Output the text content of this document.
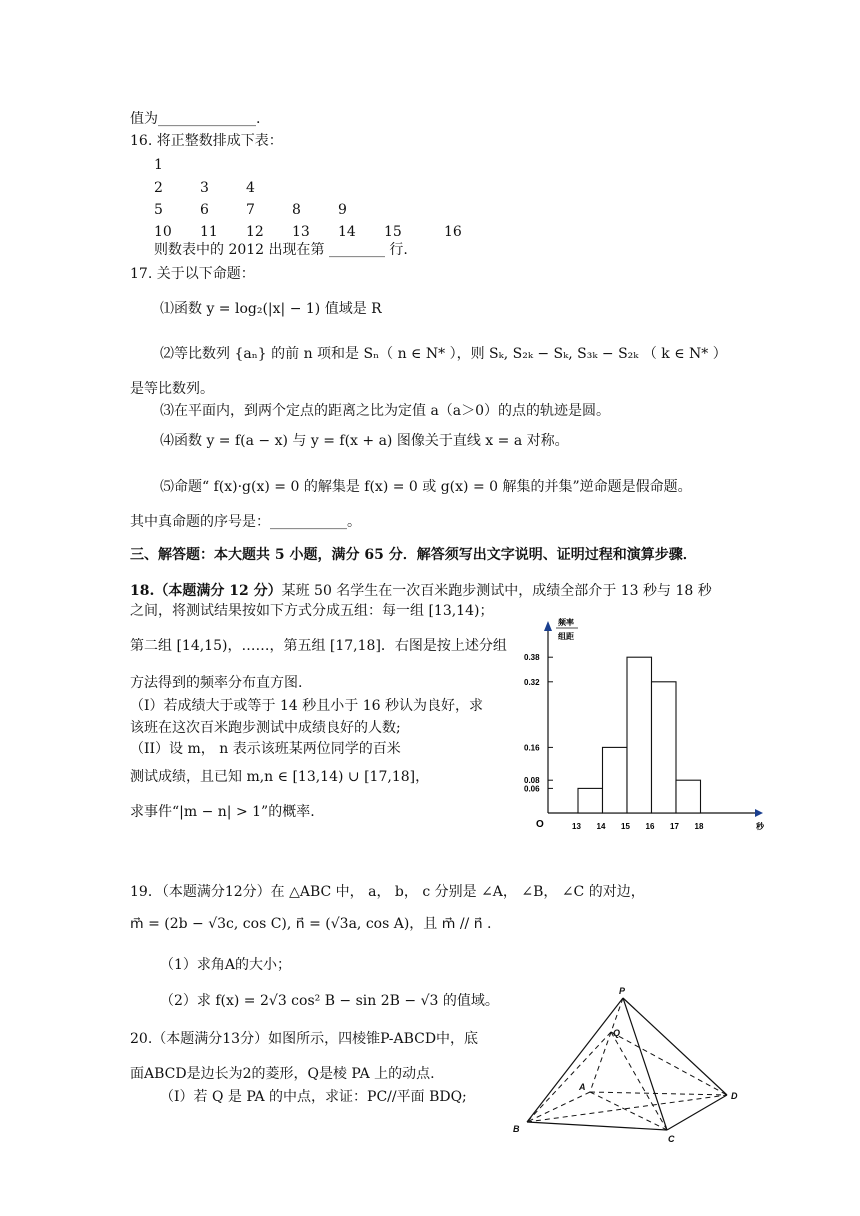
值为______________.
16. 将正整数排成下表：
1
2	3	4
5	6	7	8	9
10 11 12 13 14 15	16
则数表中的 2012 出现在第 ________ 行.
17. 关于以下命题：
⑴函数 y = log₂(|x| − 1) 值域是 R
⑵等比数列 {aₙ} 的前 n 项和是 Sₙ（ n ∈ N* ），则 Sₖ, S₂ₖ − Sₖ, S₃ₖ − S₂ₖ （ k ∈ N* ）
是等比数列。
⑶在平面内，到两个定点的距离之比为定值 a（a＞0）的点的轨迹是圆。
⑷函数 y = f(a − x) 与 y = f(x + a) 图像关于直线 x = a 对称。
⑸命题“ f(x)·g(x) = 0 的解集是 f(x) = 0 或 g(x) = 0 解集的并集”逆命题是假命题。
其中真命题的序号是：___________。
三、解答题：本大题共 5 小题，满分 65 分．解答须写出文字说明、证明过程和演算步骤．
18.（本题满分 12 分）某班 50 名学生在一次百米跑步测试中，成绩全部介于 13 秒与 18 秒
之间，将测试结果按如下方式分成五组：每一组 [13,14)；
第二组 [14,15)，……，第五组 [17,18]．右图是按上述分组
方法得到的频率分布直方图.
（I）若成绩大于或等于 14 秒且小于 16 秒认为良好，求
该班在这次百米跑步测试中成绩良好的人数;
（II）设 m， n 表示该班某两位同学的百米
测试成绩，且已知 m,n ∈ [13,14) ∪ [17,18]，
求事件“|m − n| > 1”的概率.
频率
组距
秒
O
0.38
0.32
0.16
0.08
0.06
13 14 15 16 17 18
19．（本题满分12分）在 △ABC 中， a， b， c 分别是 ∠A， ∠B， ∠C 的对边，
m⃗ = (2b − √3c, cos C), n⃗ = (√3a, cos A)，且 m⃗ // n⃗ .
（1）求角A的大小；
（2）求 f(x) = 2√3 cos² B − sin 2B − √3 的值域。
20.（本题满分13分）如图所示，四棱锥P-ABCD中，底
面ABCD是边长为2的菱形，Q是棱 PA 上的动点.
（Ⅰ）若 Q 是 PA 的中点，求证：PC//平面 BDQ;
P
Q
A
B
C
D
